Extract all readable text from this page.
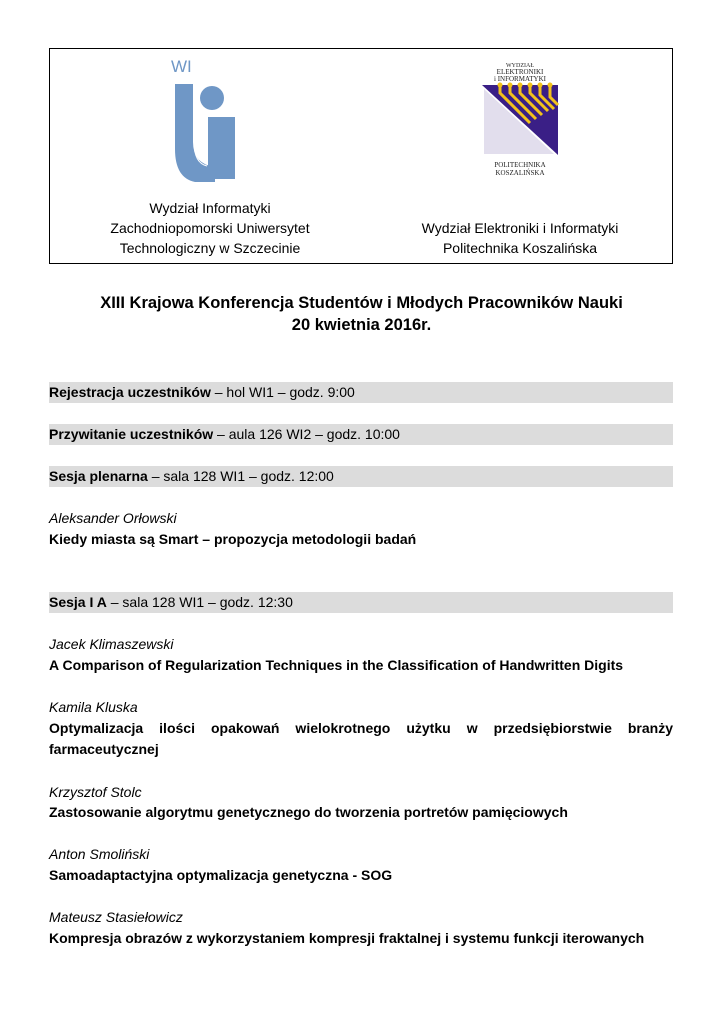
WI	WYDZIAŁ
ELEKTRONIKI
i INFORMATYKI
POLITECHNIKA
KOSZALIŃSKA
Wydział Informatyki
Zachodniopomorski Uniwersytet
Technologiczny w Szczecinie
Wydział Elektroniki i Informatyki
Politechnika Koszalińska
XIII Krajowa Konferencja Studentów i Młodych Pracowników Nauki
20 kwietnia 2016r.
Rejestracja uczestników – hol WI1 – godz. 9:00
Przywitanie uczestników – aula 126 WI2 – godz. 10:00
Sesja plenarna – sala 128 WI1 – godz. 12:00
Aleksander Orłowski
Kiedy miasta są Smart – propozycja metodologii badań
Sesja I A – sala 128 WI1 – godz. 12:30
Jacek Klimaszewski
A Comparison of Regularization Techniques in the Classification of Handwritten Digits
Kamila Kluska
Optymalizacja ilości opakowań wielokrotnego użytku w przedsiębiorstwie branży farmaceutycznej
Krzysztof Stolc
Zastosowanie algorytmu genetycznego do tworzenia portretów pamięciowych
Anton Smoliński
Samoadaptactyjna optymalizacja genetyczna - SOG
Mateusz Stasiełowicz
Kompresja obrazów z wykorzystaniem kompresji fraktalnej i systemu funkcji iterowanych
